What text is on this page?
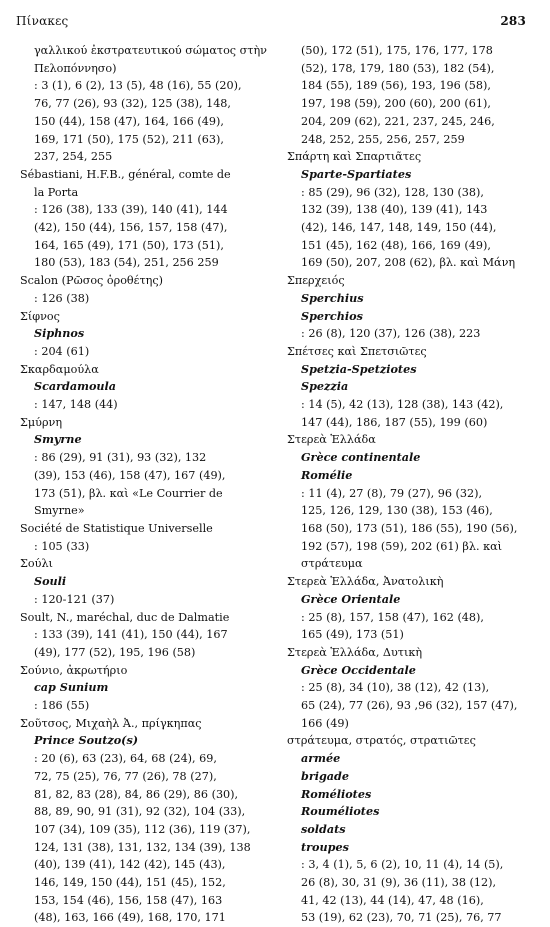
Πίνακες	283
γαλλικού ἐκστρατευτικού σώματος στὴν
Πελοπόννησο)
: 3 (1), 6 (2), 13 (5), 48 (16), 55 (20),
76, 77 (26), 93 (32), 125 (38), 148,
150 (44), 158 (47), 164, 166 (49),
169, 171 (50), 175 (52), 211 (63),
237, 254, 255
Sébastiani, H.F.B., général, comte de
la Porta
: 126 (38), 133 (39), 140 (41), 144
(42), 150 (44), 156, 157, 158 (47),
164, 165 (49), 171 (50), 173 (51),
180 (53), 183 (54), 251, 256 259
Scalon (Ρῶσος ὁροθέτης)
: 126 (38)
Σίφνος
Siphnos
: 204 (61)
Σκαρδαμούλα
Scardamoula
: 147, 148 (44)
Σμύρνη
Smyrne
: 86 (29), 91 (31), 93 (32), 132
(39), 153 (46), 158 (47), 167 (49),
173 (51), βλ. καὶ «Le Courrier de
Smyrne»
Société de Statistique Universelle
: 105 (33)
Σούλι
Souli
: 120-121 (37)
Soult, N., maréchal, duc de Dalmatie
: 133 (39), 141 (41), 150 (44), 167
(49), 177 (52), 195, 196 (58)
Σούνιο, ἀκρωτήριο
cap Sunium
: 186 (55)
Σοῦτσος, Μιχαὴλ Ἀ., πρίγκηπας
Prince Soutzo(s)
: 20 (6), 63 (23), 64, 68 (24), 69,
72, 75 (25), 76, 77 (26), 78 (27),
81, 82, 83 (28), 84, 86 (29), 86 (30),
88, 89, 90, 91 (31), 92 (32), 104 (33),
107 (34), 109 (35), 112 (36), 119 (37),
124, 131 (38), 131, 132, 134 (39), 138
(40), 139 (41), 142 (42), 145 (43),
146, 149, 150 (44), 151 (45), 152,
153, 154 (46), 156, 158 (47), 163
(48), 163, 166 (49), 168, 170, 171
(50), 172 (51), 175, 176, 177, 178
(52), 178, 179, 180 (53), 182 (54),
184 (55), 189 (56), 193, 196 (58),
197, 198 (59), 200 (60), 200 (61),
204, 209 (62), 221, 237, 245, 246,
248, 252, 255, 256, 257, 259
Σπάρτη καὶ Σπαρτιᾶτες
Sparte-Spartiates
: 85 (29), 96 (32), 128, 130 (38),
132 (39), 138 (40), 139 (41), 143
(42), 146, 147, 148, 149, 150 (44),
151 (45), 162 (48), 166, 169 (49),
169 (50), 207, 208 (62), βλ. καὶ Μάνη
Σπερχειός
Sperchius
Sperchios
: 26 (8), 120 (37), 126 (38), 223
Σπέτσες καὶ Σπετσιῶτες
Spetzia-Spetziotes
Spezzia
: 14 (5), 42 (13), 128 (38), 143 (42),
147 (44), 186, 187 (55), 199 (60)
Στερεὰ Ἑλλάδα
Grèce continentale
Romélie
: 11 (4), 27 (8), 79 (27), 96 (32),
125, 126, 129, 130 (38), 153 (46),
168 (50), 173 (51), 186 (55), 190 (56),
192 (57), 198 (59), 202 (61) βλ. καὶ
στράτευμα
Στερεὰ Ἑλλάδα, Ἀνατολικὴ
Grèce Orientale
: 25 (8), 157, 158 (47), 162 (48),
165 (49), 173 (51)
Στερεὰ Ἑλλάδα, Δυτικὴ
Grèce Occidentale
: 25 (8), 34 (10), 38 (12), 42 (13),
65 (24), 77 (26), 93 ,96 (32), 157 (47),
166 (49)
στράτευμα, στρατός, στρατιῶτες
armée
brigade
Roméliotes
Rouméliotes
soldats
troupes
: 3, 4 (1), 5, 6 (2), 10, 11 (4), 14 (5),
26 (8), 30, 31 (9), 36 (11), 38 (12),
41, 42 (13), 44 (14), 47, 48 (16),
53 (19), 62 (23), 70, 71 (25), 76, 77
